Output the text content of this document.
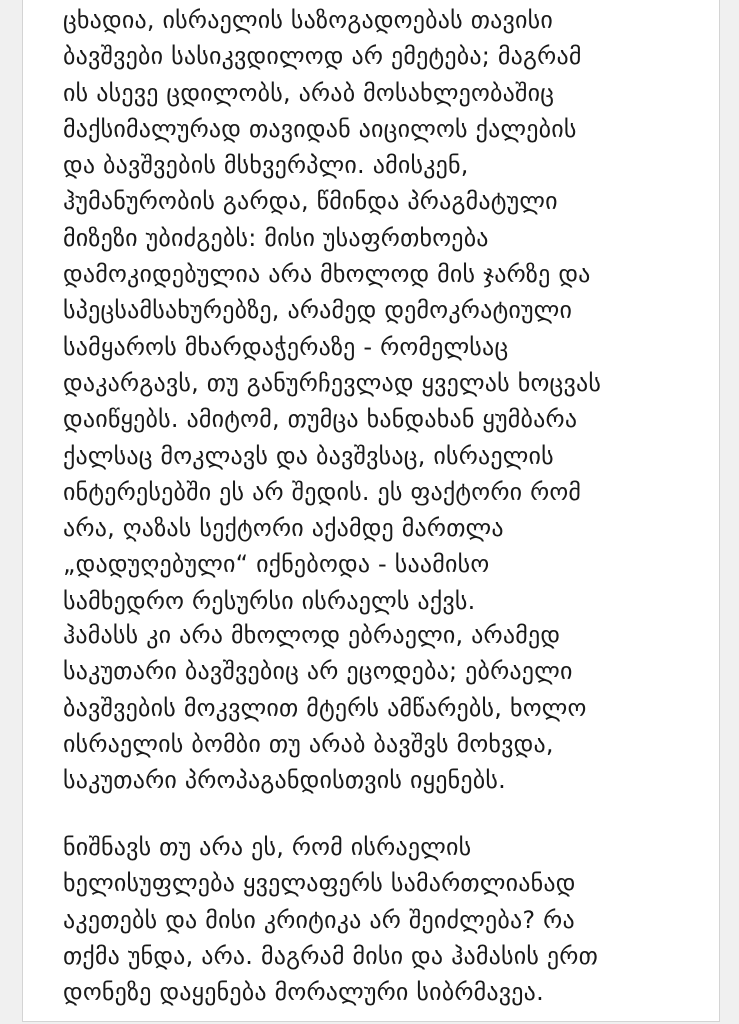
ცხადია, ისრაელის საზოგადოებას თავისი
ბავშვები სასიკვდილოდ არ ემეტება; მაგრამ
ის ასევე ცდილობს, არაბ მოსახლეობაშიც
მაქსიმალურად თავიდან აიცილოს ქალების
და ბავშვების მსხვერპლი. ამისკენ,
ჰუმანურობის გარდა, წმინდა პრაგმატული
მიზეზი უბიძგებს: მისი უსაფრთხოება
დამოკიდებულია არა მხოლოდ მის ჯარზე და
სპეცსამსახურებზე, არამედ დემოკრატიული
სამყაროს მხარდაჭერაზე - რომელსაც
დაკარგავს, თუ განურჩევლად ყველას ხოცვას
დაიწყებს. ამიტომ, თუმცა ხანდახან ყუმბარა
ქალსაც მოკლავს და ბავშვსაც, ისრაელის
ინტერესებში ეს არ შედის. ეს ფაქტორი რომ
არა, ღაზას სექტორი აქამდე მართლა
„დადუღებული“ იქნებოდა - საამისო
სამხედრო რესურსი ისრაელს აქვს.
ჰამასს კი არა მხოლოდ ებრაელი, არამედ
საკუთარი ბავშვებიც არ ეცოდება; ებრაელი
ბავშვების მოკვლით მტერს ამწარებს, ხოლო
ისრაელის ბომბი თუ არაბ ბავშვს მოხვდა,
საკუთარი პროპაგანდისთვის იყენებს.
ნიშნავს თუ არა ეს, რომ ისრაელის
ხელისუფლება ყველაფერს სამართლიანად
აკეთებს და მისი კრიტიკა არ შეიძლება? რა
თქმა უნდა, არა. მაგრამ მისი და ჰამასის ერთ
დონეზე დაყენება მორალური სიბრმავეა.
